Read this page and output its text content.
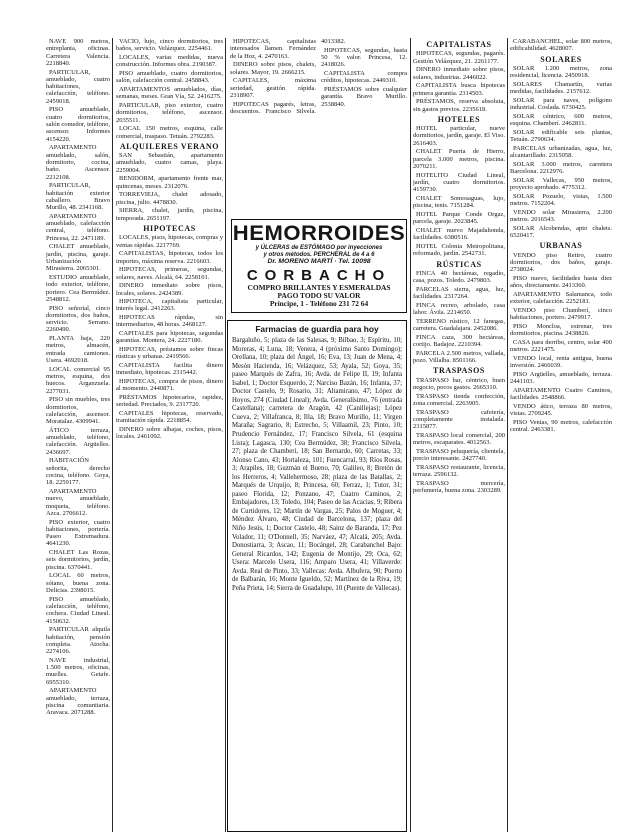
NAVE 900 metros, entreplanta, oficinas. Carretera Valencia. 2218840.

PARTICULAR, amueblado, cuatro habitaciones, calefacción, teléfono. 2459018.

PISO amueblado, cuatro dormitorios, salón comedor, teléfono, ascensor. Informes 4154220.

APARTAMENTO amueblado, salón, dormitorio, cocina, baño. Ascensor. 2212108.

PARTICULAR, habitación exterior caballero. Bravo Murillo, 48. 2341168.

APARTAMENTO amueblado, calefacción central, teléfono. Princesa, 22. 2471189.

CHALET amueblado, jardín, piscina, garaje. Urbanización Mirasierra. 2065301.

ESTUDIO amueblado, todo exterior, teléfono, portero. Cea Bermúdez. 2548812.

PISO señorial, cinco dormitorios, dos baños, servicio. Serrano. 2260490.

PLANTA baja, 220 metros, almacén, entrada camiones. Usera. 4692018.

LOCAL comercial 95 metros, esquina, dos huecos. Arganzuela. 2277031.

PISO sin muebles, tres dormitorios, calefacción, ascensor. Moratalaz. 4309941.

ÁTICO terraza, amueblado, teléfono, calefacción. Argüelles. 2436697.

HABITACIÓN señorita, derecho cocina, teléfono. Goya, 18. 2259177.

APARTAMENTO nuevo, amueblado, moqueta, teléfono. Azca. 2706612.

PISO exterior, cuatro habitaciones, portería. Paseo Extremadura. 4641230.

CHALET Las Rozas, seis dormitorios, jardín, piscina. 6370441.

LOCAL 60 metros, sótano, buena zona. Delicias. 2398015.

PISO amueblado, calefacción, teléfono, cochera. Ciudad Lineal. 4150632.

PARTICULAR alquila habitación, pensión completa. Atocha. 2274106.

NAVE industrial, 1.500 metros, oficinas, muelles. Getafe. 6955310.

APARTAMENTO amueblado, terraza, piscina comunitaria. Aravaca. 2071288.

VACÍO, lujo, cinco dormitorios, tres baños, servicio. Velázquez. 2254461.

LOCALES, varias medidas, nueva construcción. Informes obra. 2190387.

PISO amueblado, cuatro dormitorios, salón, calefacción central. 2458843.

APARTAMENTOS amueblados, días, semanas, meses. Gran Vía, 52. 2416275.

PARTICULAR, piso exterior, cuatro dormitorios, teléfono, ascensor. 2035511.

LOCAL 150 metros, esquina, calle comercial, traspaso. Tetuán. 2792283.

ALQUILERES VERANO

SAN Sebastián, apartamento amueblado, cuatro camas, playa. 2259004.

BENIDORM, apartamento frente mar, quincenas, meses. 2312076.

TORREVIEJA, chalet adosado, piscina, julio. 4478830.

SIERRA, chalet, jardín, piscina, temporada. 2651197.

HIPOTECAS

LOCALES, pisos, hipotecas, compras y ventas rápidas. 2217769.

CAPITALISTAS, hipotecas, todos los importes, máxima reserva. 2216603.

HIPOTECAS, primeras, segundas, solares, naves. Alcalá, 64. 2258101.

DINERO inmediato sobre pisos, locales, solares. 2424389.

HIPOTECA, capitalista particular, interés legal. 2412263.

HIPOTECAS rápidas, sin intermediarios, 48 horas. 2468127.

CAPITALES para hipotecas, segundas garantías. Montera, 24. 2227180.

HIPOTECAS, préstamos sobre fincas rústicas y urbanas. 2419566.

CAPITALISTA facilita dinero inmediato, hipotecas. 2315442.

HIPOTECAS, compra de pisos, dinero al momento. 2440871.

PRÉSTAMOS hipotecarios, rapidez, seriedad. Preciados, 9. 2317720.

CAPITALES hipotecas, reservado, tramitación rápida. 2218854.

DINERO sobre alhajas, coches, pisos, locales. 2461092.

HIPOTECAS, capitalistas interesados llamen. Fernández de la Hoz, 4. 2470163.

DINERO sobre pisos, chalets, solares. Mayor, 19. 2666215.

CAPITALES, máxima seriedad, gestión rápida. 2318907.

HIPOTECAS pagarés, letras, descuentos. Francisco Silvela. 4013382.

HIPOTECAS, segundas, hasta 50 % valor. Princesa, 12. 2418026.

CAPITALISTA compra créditos, hipotecas. 2449310.

PRÉSTAMOS sobre cualquier garantía. Bravo Murillo. 2538840.

CAPITALISTAS

HIPOTECAS, segundas, pagarés. Gestión Velázquez, 21. 2261177.

DINERO inmediato sobre pisos, solares, industrias. 2446022.

CAPITALISTA busca hipotecas primera garantía. 2314503.

PRÉSTAMOS, reserva absoluta, sin gastos previos. 2235618.

HOTELES

HOTEL particular, nueve dormitorios, jardín, garaje. El Viso. 2616403.

CHALET Puerta de Hierro, parcela 3.000 metros, piscina. 2070211.

HOTELITO Ciudad Lineal, jardín, cuatro dormitorios. 4159730.

CHALET Somosaguas, lujo, piscina, tenis. 7151284.

HOTEL Parque Conde Orgaz, parcela, garaje. 2023845.

CHALET nuevo Majadahonda, facilidades. 6380516.

HOTEL Colonia Metropolitana, reformado, jardín. 2542731.

RÚSTICAS

FINCA 40 hectáreas, regadío, casa, pozos. Toledo. 2479803.

PARCELAS sierra, agua, luz, facilidades. 2317264.

FINCA recreo, arbolado, casa labor. Ávila. 2214650.

TERRENO rústico, 12 fanegas, carretera. Guadalajara. 2452086.

FINCA caza, 300 hectáreas, cortijo. Badajoz. 2210394.

PARCELA 2.500 metros, vallada, pozo. Villalba. 8501166.

TRASPASOS

TRASPASO bar, céntrico, buen negocio, pocos gastos. 2665310.

TRASPASO tienda confección, zona comercial. 2263905.

TRASPASO cafetería, completamente instalada. 2315877.

TRASPASO local comercial, 200 metros, escaparates. 4012563.

TRASPASO peluquería, clientela, precio interesante. 2427740.

TRASPASO restaurante, licencia, terraza. 2596132.

TRASPASO mercería, perfumería, buena zona. 2303289.

CARABANCHEL, solar 800 metros, edificabilidad. 4628007.

SOLARES

SOLAR 1.200 metros, zona residencial, licencia. 2450918.

SOLARES Chamartín, varias medidas, facilidades. 2157612.

SOLAR para naves, polígono industrial. Coslada. 6730425.

SOLAR céntrico, 600 metros, esquina. Chamberí. 2462811.

SOLAR edificable seis plantas, Tetuán. 2790634.

PARCELAS urbanizadas, agua, luz, alcantarillado. 2315058.

SOLAR 3.000 metros, carretera Barcelona. 2212976.

SOLAR Vallecas, 950 metros, proyecto aprobado. 4775312.

SOLAR Pozuelo, vistas, 1.500 metros. 7152204.

VENDO solar Mirasierra, 2.200 metros. 2016543.

SOLAR Alcobendas, apto chalets. 6520417.

URBANAS

VENDO piso Retiro, cuatro dormitorios, dos baños, garaje. 2738024.

PISO nuevo, facilidades hasta diez años, directamente. 2413360.

APARTAMENTO Salamanca, todo exterior, calefacción. 2252181.

VENDO piso Chamberí, cinco habitaciones, portero. 2479917.

PISO Moncloa, estrenar, tres dormitorios, piscina. 2438826.

CASA para derribo, centro, solar 400 metros. 2221475.

VENDO local, renta antigua, buena inversión. 2466039.

PISO Argüelles, amueblado, terraza. 2441103.

APARTAMENTO Cuatro Caminos, facilidades. 2548866.

VENDO ático, terraza 80 metros, vistas. 2709245.

PISO Ventas, 90 metros, calefacción central. 2463381.

HEMORROIDES
y ÚLCERAS de ESTÓMAGO por inyecciones
y otros métodos. PERCHERAL de 4 a 6
Dr. MORENO MARTÍ · Tel. 10098
CORBACHO
COMPRO BRILLANTES Y ESMERALDAS
PAGO TODO SU VALOR
Príncipe, 1 - Teléfono 231 72 64
Farmacias de guardia para hoy
Bargaluño, 5; plaza de las Salesas, 9; Bilbao, 3; Espíritu, 10; Moreras, 4; Luna, 18; Venera, 4 (próximo Santo Domingo); Orellana, 10; plaza del Ángel, 16; Eva, 13; Juan de Mena, 4; Mesón Hacienda, 16; Velázquez, 53; Ayala, 52; Goya, 35; paseo Marqués de Zafra, 16; Avda. de Felipe II, 19; Infanta Isabel, 1; Doctor Esquerdo, 2; Narciso Bazán, 16; Infanta, 37; Doctor Castelo, 9; Rosario, 31; Altamirano, 47; López de Hoyos, 274 (Ciudad Lineal); Avda. Generalísimo, 76 (entrada Castellana); carretera de Aragón, 42 (Canillejas); López Cueva, 2; Villafranca, 8; Illa, 18; Bravo Murillo, 11; Virgen Maraña; Sagrario, 8; Estrecho, 5; Villaamil, 23; Pinto, 10; Prudencio Fernández, 17; Francisco Silvela, 61 (esquina Lista); Lagasca, 130; Cea Bermúdez, 38; Francisco Silvela, 27; plaza de Chamberí, 18; San Bernardo, 60; Carretas, 33; Alonso Cano, 43; Hortaleza, 101; Fuencarral, 93; Ríos Rosas, 3; Arapiles, 18; Guzmán el Bueno, 70; Galileo, 8; Bretón de los Herreros, 4; Vallehermoso, 28; plaza de las Batallas, 2; Marqués de Urquijo, 8; Princesa, 60; Ferraz, 1; Tutor, 31; paseo Florida, 12; Ponzano, 47; Cuatro Caminos, 2; Embajadores, 13; Toledo, 104; Paseo de las Acacias, 9; Ribera de Curtidores, 12; Martín de Vargas, 25; Palos de Moguer, 4; Méndez Álvaro, 48; Ciudad de Barcelona, 137; plaza del Niño Jesús, 1; Doctor Castelo, 48; Sainz de Baranda, 17; Pez Volador, 11; O'Donnell, 35; Narváez, 47; Alcalá, 205; Avda. Donostiarra, 3; Ascao, 11; Bocángel, 28; Carabanchel Bajo: General Ricardos, 142; Eugenia de Montijo, 29; Oca, 62; Usera: Marcelo Usera, 116; Amparo Usera, 41; Villaverde: Avda. Real de Pinto, 33; Vallecas: Avda. Albufera, 90; Puerto de Balbarán, 16; Monte Igueldo, 52; Martínez de la Riva, 19; Peña Prieta, 14; Sierra de Guadalupe, 10 (Puente de Vallecas).
